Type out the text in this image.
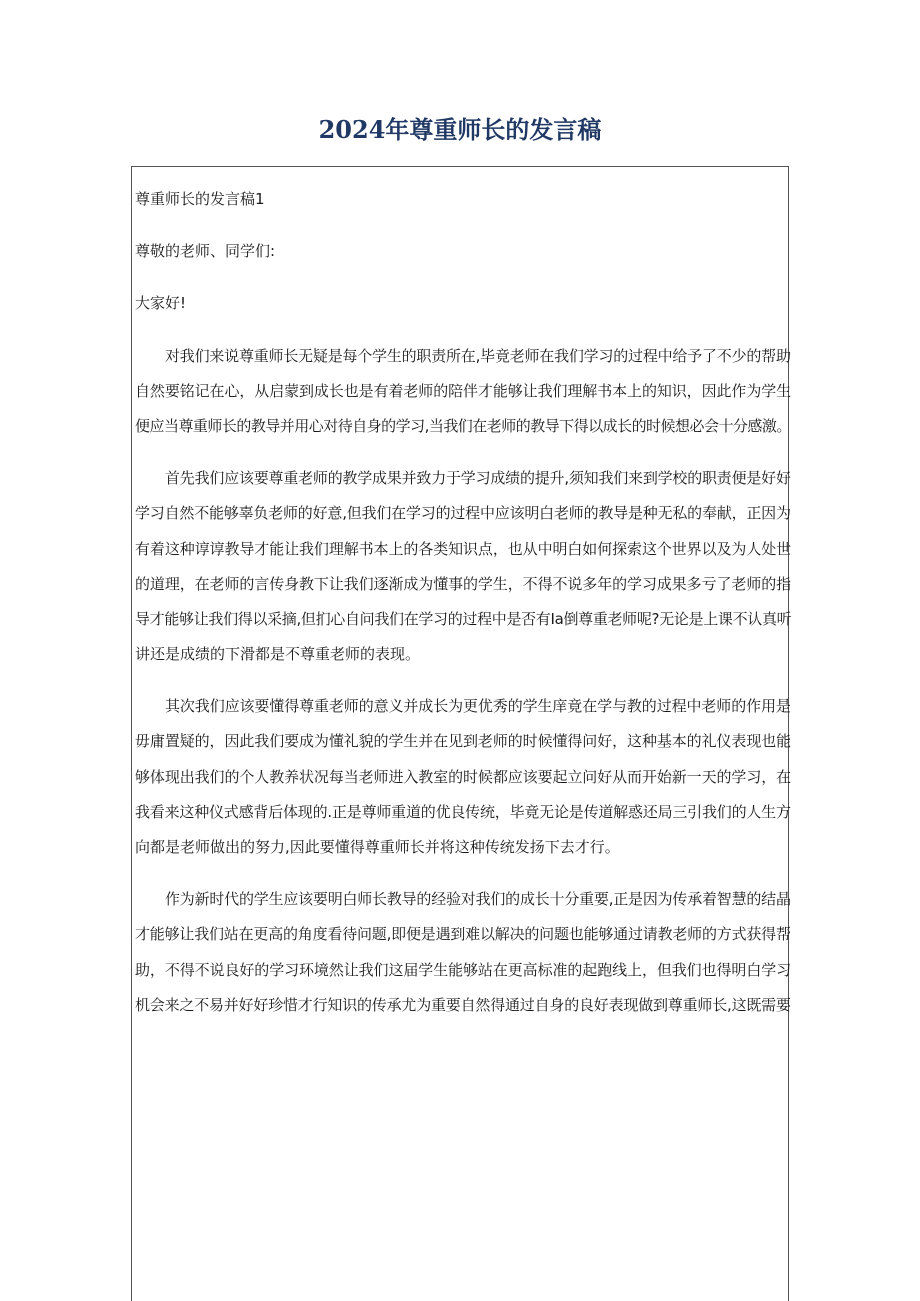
2024年尊重师长的发言稿

尊重师长的发言稿1

尊敬的老师、同学们:

大家好!

对我们来说尊重师长无疑是每个学生的职责所在,毕竟老师在我们学习的过程中给予了不少的帮助
自然要铭记在心，从启蒙到成长也是有着老师的陪伴才能够让我们理解书本上的知识，因此作为学生
便应当尊重师长的教导并用心对待自身的学习,当我们在老师的教导下得以成长的时候想必会十分感激。
首先我们应该要尊重老师的教学成果并致力于学习成绩的提升,须知我们来到学校的职责便是好好
学习自然不能够辜负老师的好意,但我们在学习的过程中应该明白老师的教导是种无私的奉献，正因为
有着这种谆谆教导才能让我们理解书本上的各类知识点，也从中明白如何探索这个世界以及为人处世
的道理，在老师的言传身教下让我们逐渐成为懂事的学生，不得不说多年的学习成果多亏了老师的指
导才能够让我们得以采摘,但扪心自问我们在学习的过程中是否有Ia倒尊重老师呢?无论是上课不认真听
讲还是成绩的下滑都是不尊重老师的表现。
其次我们应该要懂得尊重老师的意义并成长为更优秀的学生庠竟在学与教的过程中老师的作用是
毋庸置疑的，因此我们要成为懂礼貌的学生并在见到老师的时候懂得问好，这种基本的礼仪表现也能
够体现出我们的个人教养状况每当老师进入教室的时候都应该要起立问好从而开始新一天的学习，在
我看来这种仪式感背后体现的.正是尊师重道的优良传统，毕竟无论是传道解惑还局三引我们的人生方
向都是老师做出的努力,因此要懂得尊重师长并将这种传统发扬下去才行。
作为新时代的学生应该要明白师长教导的经验对我们的成长十分重要,正是因为传承着智慧的结晶
才能够让我们站在更高的角度看待问题,即便是遇到难以解决的问题也能够通过请教老师的方式获得帮
助，不得不说良好的学习环境然让我们这届学生能够站在更高标准的起跑线上，但我们也得明白学习
机会来之不易并好好珍惜才行知识的传承尤为重要自然得通过自身的良好表现做到尊重师长,这既需要
